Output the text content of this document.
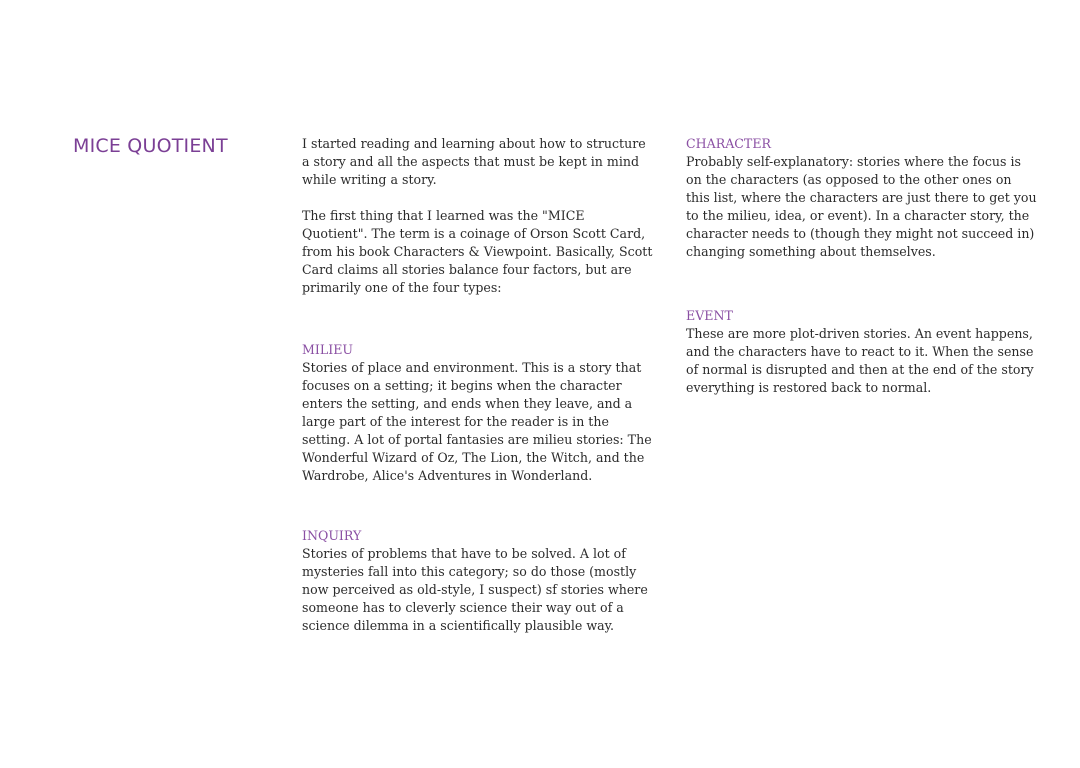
MICE QUOTIENT	I started reading and learning about how to structure a story and all the aspects that must be kept in mind while writing a story.

The first thing that I learned was the "MICE Quotient". The term is a coinage of Orson Scott Card, from his book Characters & Viewpoint. Basically, Scott Card claims all stories balance four factors, but are primarily one of the four types:

MILIEU

Stories of place and environment. This is a story that focuses on a setting; it begins when the character enters the setting, and ends when they leave, and a large part of the interest for the reader is in the setting. A lot of portal fantasies are milieu stories: The Wonderful Wizard of Oz, The Lion, the Witch, and the Wardrobe, Alice's Adventures in Wonderland.

INQUIRY

Stories of problems that have to be solved. A lot of mysteries fall into this category; so do those (mostly now perceived as old-style, I suspect) sf stories where someone has to cleverly science their way out of a science dilemma in a scientifically plausible way.

CHARACTER

Probably self-explanatory: stories where the focus is on the characters (as opposed to the other ones on this list, where the characters are just there to get you to the milieu, idea, or event). In a character story, the character needs to (though they might not succeed in) changing something about themselves.

EVENT

These are more plot-driven stories. An event happens, and the characters have to react to it. When the sense of normal is disrupted and then at the end of the story everything is restored back to normal.
